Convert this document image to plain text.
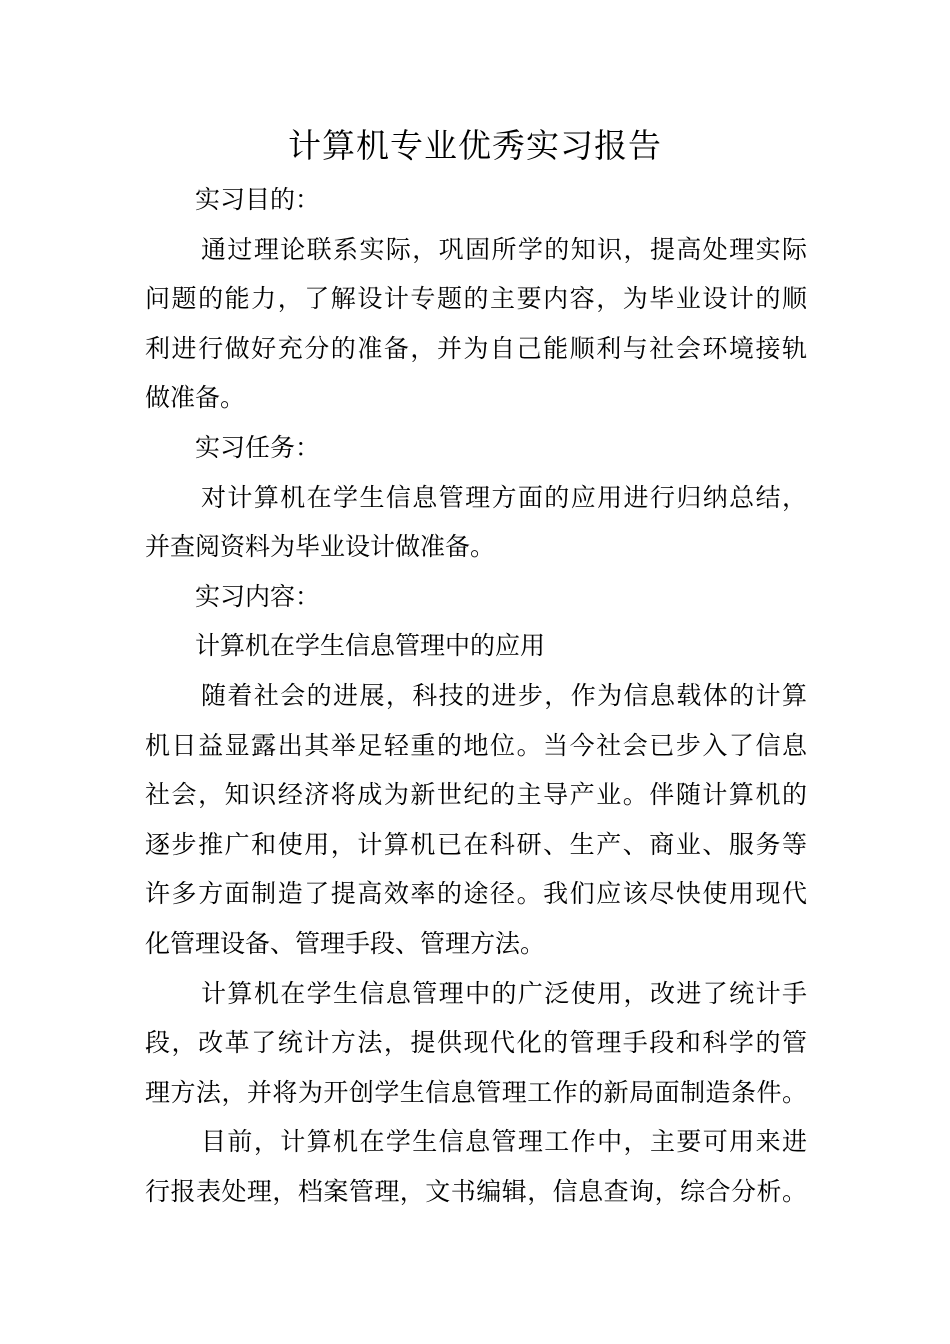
计算机专业优秀实习报告
实习目的：
通过理论联系实际，巩固所学的知识，提高处理实际
问题的能力，了解设计专题的主要内容，为毕业设计的顺
利进行做好充分的准备，并为自己能顺利与社会环境接轨
做准备。
实习任务：
对计算机在学生信息管理方面的应用进行归纳总结，
并查阅资料为毕业设计做准备。
实习内容：
计算机在学生信息管理中的应用
随着社会的进展，科技的进步，作为信息载体的计算
机日益显露出其举足轻重的地位。当今社会已步入了信息
社会，知识经济将成为新世纪的主导产业。伴随计算机的
逐步推广和使用，计算机已在科研、生产、商业、服务等
许多方面制造了提高效率的途径。我们应该尽快使用现代
化管理设备、管理手段、管理方法。
计算机在学生信息管理中的广泛使用，改进了统计手
段，改革了统计方法，提供现代化的管理手段和科学的管
理方法，并将为开创学生信息管理工作的新局面制造条件。
目前，计算机在学生信息管理工作中，主要可用来进
行报表处理，档案管理，文书编辑，信息查询，综合分析。
